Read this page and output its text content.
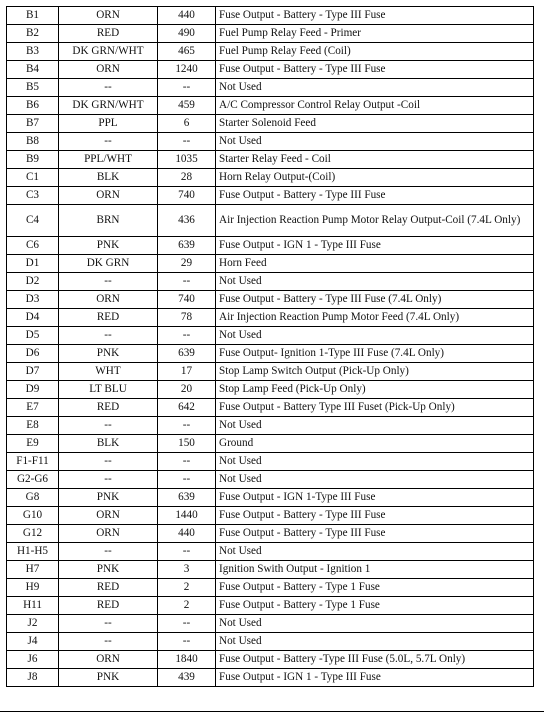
B1	ORN	440	Fuse Output - Battery - Type III Fuse
B2	RED	490	Fuel Pump Relay Feed - Primer
B3	DK GRN/WHT	465	Fuel Pump Relay Feed (Coil)
B4	ORN	1240	Fuse Output - Battery - Type III Fuse
B5	--	--	Not Used
B6	DK GRN/WHT	459	A/C Compressor Control Relay Output -Coil
B7	PPL	6	Starter Solenoid Feed
B8	--	--	Not Used
B9	PPL/WHT	1035	Starter Relay Feed - Coil
C1	BLK	28	Horn Relay Output-(Coil)
C3	ORN	740	Fuse Output - Battery - Type III Fuse
C4	BRN	436	Air Injection Reaction Pump Motor Relay Output-Coil (7.4L Only)
C6	PNK	639	Fuse Output - IGN 1 - Type III Fuse
D1	DK GRN	29	Horn Feed
D2	--	--	Not Used
D3	ORN	740	Fuse Output - Battery - Type III Fuse (7.4L Only)
D4	RED	78	Air Injection Reaction Pump Motor Feed (7.4L Only)
D5	--	--	Not Used
D6	PNK	639	Fuse Output- Ignition 1-Type III Fuse (7.4L Only)
D7	WHT	17	Stop Lamp Switch Output (Pick-Up Only)
D9	LT BLU	20	Stop Lamp Feed (Pick-Up Only)
E7	RED	642	Fuse Output - Battery Type III Fuset (Pick-Up Only)
E8	--	--	Not Used
E9	BLK	150	Ground
F1-F11	--	--	Not Used
G2-G6	--	--	Not Used
G8	PNK	639	Fuse Output - IGN 1-Type III Fuse
G10	ORN	1440	Fuse Output - Battery - Type III Fuse
G12	ORN	440	Fuse Output - Battery - Type III Fuse
H1-H5	--	--	Not Used
H7	PNK	3	Ignition Swith Output - Ignition 1
H9	RED	2	Fuse Output - Battery - Type 1 Fuse
H11	RED	2	Fuse Output - Battery - Type 1 Fuse
J2	--	--	Not Used
J4	--	--	Not Used
J6	ORN	1840	Fuse Output - Battery -Type III Fuse (5.0L, 5.7L Only)
J8	PNK	439	Fuse Output - IGN 1 - Type III Fuse
